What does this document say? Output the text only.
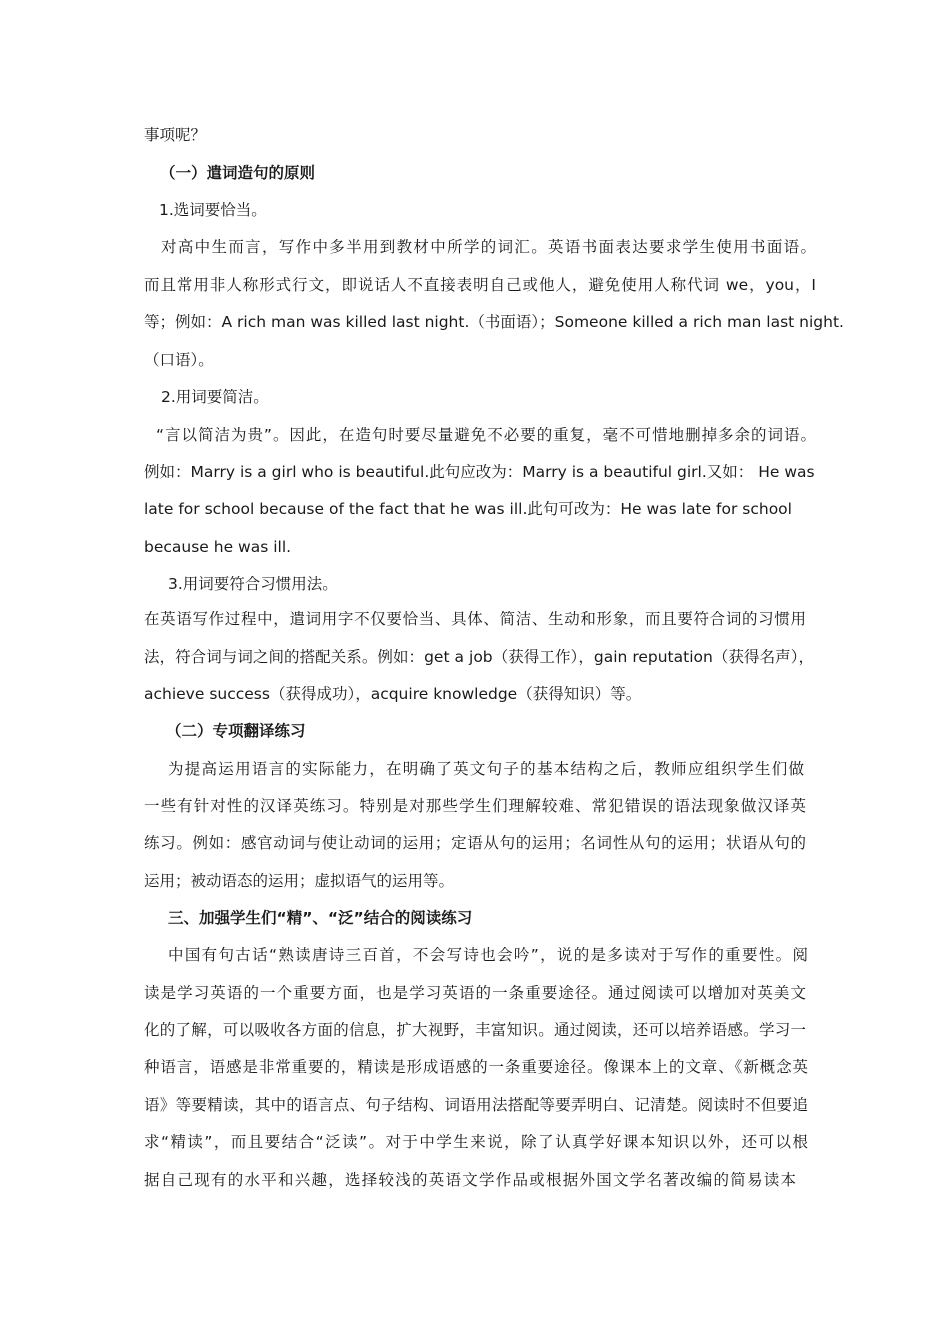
事项呢？
（一）遣词造句的原则
1.选词要恰当。
对高中生而言，写作中多半用到教材中所学的词汇。英语书面表达要求学生使用书面语。
而且常用非人称形式行文，即说话人不直接表明自己或他人，避免使用人称代词 we，you，I
等；例如：A rich man was killed last night.（书面语）；Someone killed a rich man last night.
（口语）。
2.用词要简洁。
“言以简洁为贵”。因此，在造句时要尽量避免不必要的重复，毫不可惜地删掉多余的词语。
例如：Marry is a girl who is beautiful.此句应改为：Marry is a beautiful girl.又如： He was
late for school because of the fact that he was ill.此句可改为：He was late for school
because he was ill.
3.用词要符合习惯用法。
在英语写作过程中，遣词用字不仅要恰当、具体、简洁、生动和形象，而且要符合词的习惯用
法，符合词与词之间的搭配关系。例如：get a job（获得工作），gain reputation（获得名声），
achieve success（获得成功），acquire knowledge（获得知识）等。
（二）专项翻译练习
为提高运用语言的实际能力，在明确了英文句子的基本结构之后，教师应组织学生们做
一些有针对性的汉译英练习。特别是对那些学生们理解较难、常犯错误的语法现象做汉译英
练习。例如：感官动词与使让动词的运用；定语从句的运用；名词性从句的运用；状语从句的
运用；被动语态的运用；虚拟语气的运用等。
三、加强学生们“精”、“泛”结合的阅读练习
中国有句古话“熟读唐诗三百首，不会写诗也会吟”，说的是多读对于写作的重要性。阅
读是学习英语的一个重要方面，也是学习英语的一条重要途径。通过阅读可以增加对英美文
化的了解，可以吸收各方面的信息，扩大视野，丰富知识。通过阅读，还可以培养语感。学习一
种语言，语感是非常重要的，精读是形成语感的一条重要途径。像课本上的文章、《新概念英
语》等要精读，其中的语言点、句子结构、词语用法搭配等要弄明白、记清楚。阅读时不但要追
求“精读”，而且要结合“泛读”。对于中学生来说，除了认真学好课本知识以外，还可以根
据自己现有的水平和兴趣，选择较浅的英语文学作品或根据外国文学名著改编的简易读本
